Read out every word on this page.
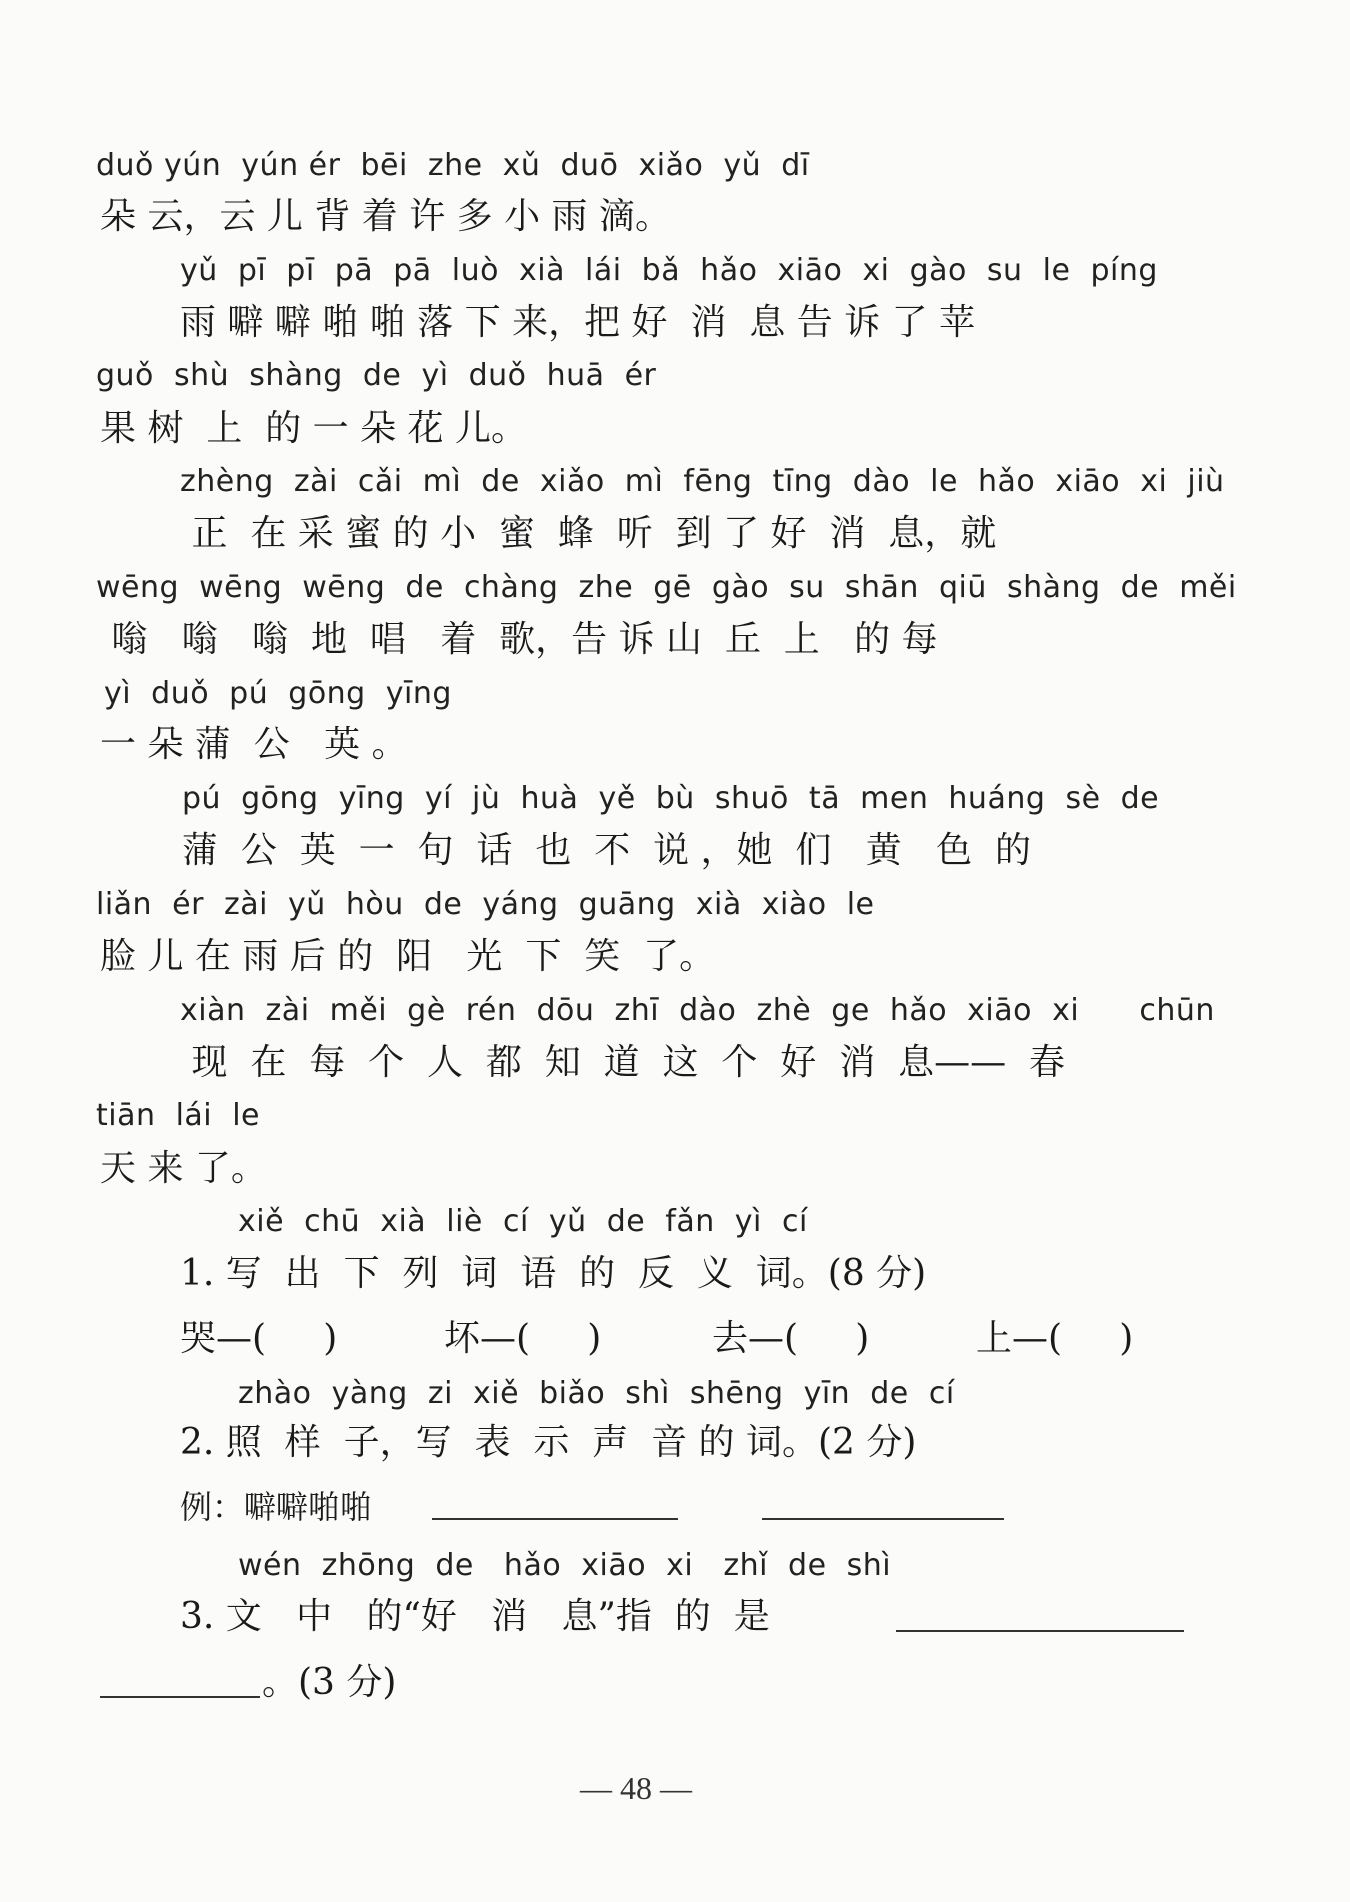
duǒ yún  yún ér  bēi  zhe  xǔ  duō  xiǎo  yǔ  dī
朵 云，云 儿 背 着 许 多 小 雨 滴。
yǔ  pī  pī  pā  pā  luò  xià  lái  bǎ  hǎo  xiāo  xi  gào  su  le  píng
雨 噼 噼 啪 啪 落 下 来，把 好  消  息 告 诉 了 苹
guǒ  shù  shàng  de  yì  duǒ  huā  ér
果 树  上  的 一 朵 花 儿。
zhèng  zài  cǎi  mì  de  xiǎo  mì  fēng  tīng  dào  le  hǎo  xiāo  xi  jiù
正  在 采 蜜 的 小  蜜  蜂  听  到 了 好  消  息，就
wēng  wēng  wēng  de  chàng  zhe  gē  gào  su  shān  qiū  shàng  de  měi
嗡   嗡   嗡  地  唱   着  歌，告 诉 山  丘  上   的 每
yì  duǒ  pú  gōng  yīng
一 朵 蒲  公   英 。
pú  gōng  yīng  yí  jù  huà  yě  bù  shuō  tā  men  huáng  sè  de
蒲  公  英  一  句  话  也  不  说 ，她  们   黄   色  的
liǎn  ér  zài  yǔ  hòu  de  yáng  guāng  xià  xiào  le
脸 儿 在 雨 后 的  阳   光  下  笑  了。
xiàn  zài  měi  gè  rén  dōu  zhī  dào  zhè  ge  hǎo  xiāo  xi      chūn
现  在  每  个  人  都  知  道  这  个  好  消  息——  春
tiān  lái  le
天 来 了。
xiě  chū  xià  liè  cí  yǔ  de  fǎn  yì  cí
1. 写  出  下  列  词  语  的  反  义  词。(8 分)
哭—(     )	坏—(     )	去—(     )	上—(     )
zhào  yàng  zi  xiě  biǎo  shì  shēng  yīn  de  cí
2. 照  样  子，写  表  示  声  音 的 词。(2 分)
例：噼噼啪啪
wén  zhōng  de   hǎo  xiāo  xi   zhǐ  de  shì
3. 文   中   的“好   消   息”指  的  是
。(3 分)
— 48 —
